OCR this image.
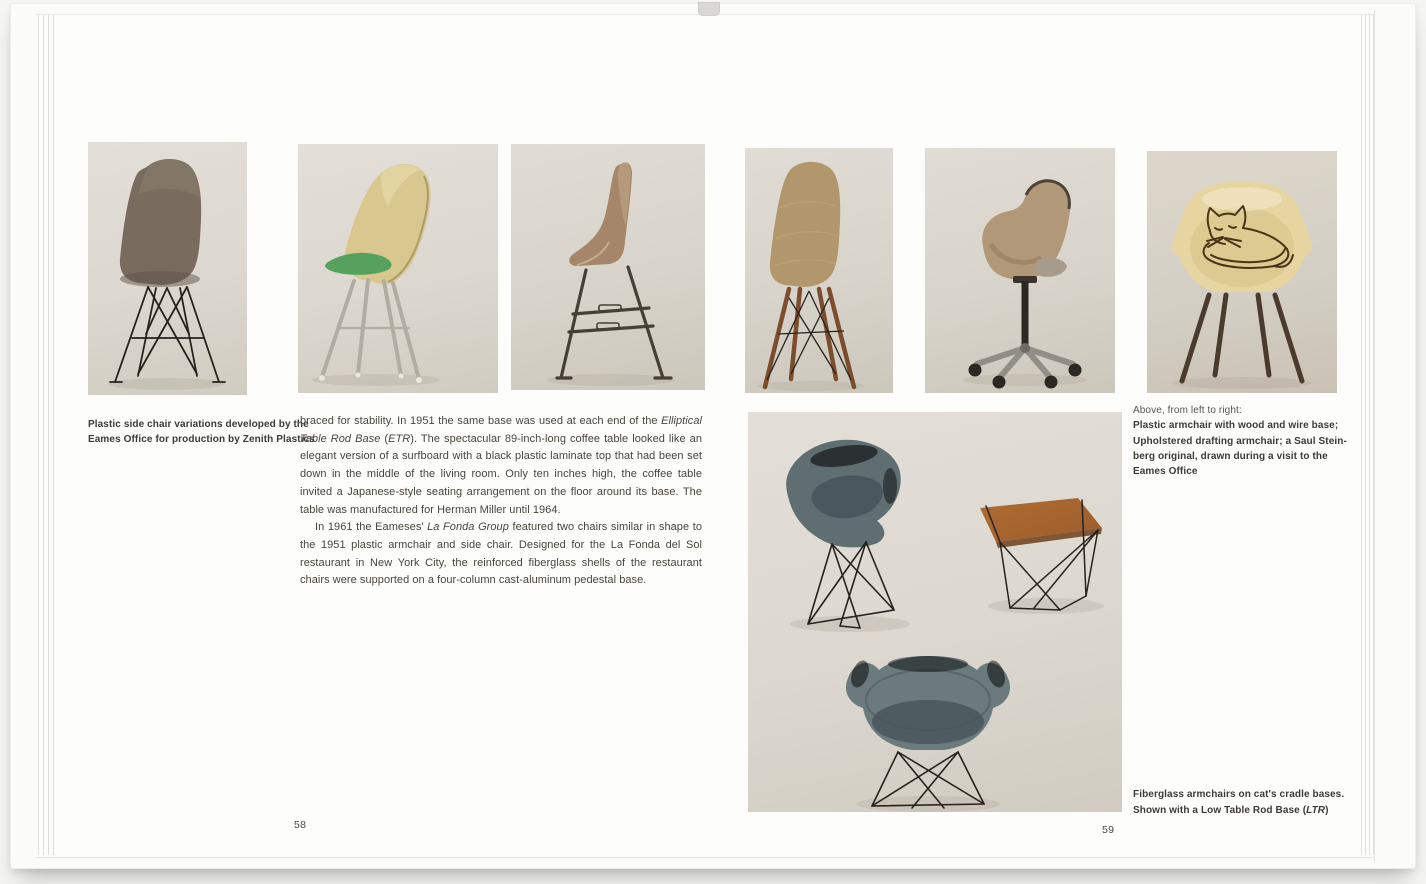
Plastic side chair variations developed by the
Eames Office for production by Zenith Plastics

braced for stability. In 1951 the same base was used at each end of the Elliptical Table Rod Base (ETR). The spectacular 89-inch-long coffee table looked like an elegant version of a surfboard with a black plastic laminate top that had been set down in the middle of the living room. Only ten inches high, the coffee table invited a Japanese-style seating arrangement on the floor around its base. The table was manufactured for Herman Miller until 1964.

In 1961 the Eameses' La Fonda Group featured two chairs similar in shape to the 1951 plastic armchair and side chair. Designed for the La Fonda del Sol restaurant in New York City, the reinforced fiberglass shells of the restaurant chairs were supported on a four-column cast-aluminum pedestal base.

Above, from left to right:
Plastic armchair with wood and wire base;
Upholstered drafting armchair; a Saul Stein-
berg original, drawn during a visit to the
Eames Office
Fiberglass armchairs on cat's cradle bases.
Shown with a Low Table Rod Base (LTR)
58	59
